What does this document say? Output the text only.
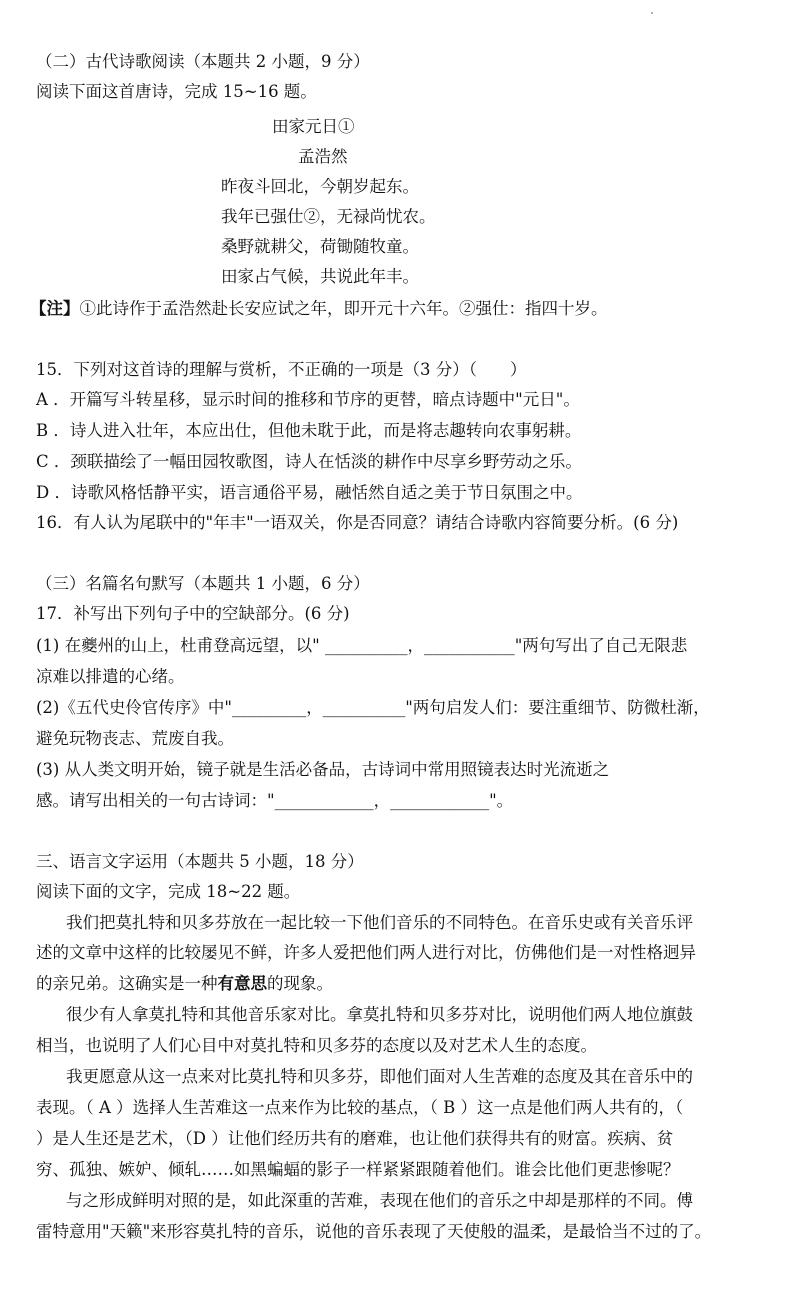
（二）古代诗歌阅读（本题共 2 小题，9 分）
阅读下面这首唐诗，完成 15~16 题。
田家元日①
孟浩然
昨夜斗回北，今朝岁起东。
我年已强仕②，无禄尚忧农。
桑野就耕父，荷锄随牧童。
田家占气候，共说此年丰。
【注】①此诗作于孟浩然赴长安应试之年，即开元十六年。②强仕：指四十岁。
15．下列对这首诗的理解与赏析，不正确的一项是（3 分）（　　）
A ．开篇写斗转星移，显示时间的推移和节序的更替，暗点诗题中"元日"。
B ．诗人进入壮年，本应出仕，但他未耽于此，而是将志趣转向农事躬耕。
C ．颈联描绘了一幅田园牧歌图，诗人在恬淡的耕作中尽享乡野劳动之乐。
D ．诗歌风格恬静平实，语言通俗平易，融恬然自适之美于节日氛围之中。
16．有人认为尾联中的"年丰"一语双关，你是否同意？请结合诗歌内容简要分析。(6 分)
（三）名篇名句默写（本题共 1 小题，6 分）
17．补写出下列句子中的空缺部分。(6 分)
(1) 在夔州的山上，杜甫登高远望，以" __________，___________"两句写出了自己无限悲
凉难以排遣的心绪。
(2)《五代史伶官传序》中"_________，__________"两句启发人们：要注重细节、防微杜渐，
避免玩物丧志、荒废自我。
(3) 从人类文明开始，镜子就是生活必备品，古诗词中常用照镜表达时光流逝之
感。请写出相关的一句古诗词："____________，____________"。
三、语言文字运用（本题共 5 小题，18 分）
阅读下面的文字，完成 18~22 题。
我们把莫扎特和贝多芬放在一起比较一下他们音乐的不同特色。在音乐史或有关音乐评
述的文章中这样的比较屡见不鲜，许多人爱把他们两人进行对比，仿佛他们是一对性格迥异
的亲兄弟。这确实是一种有意思的现象。
很少有人拿莫扎特和其他音乐家对比。拿莫扎特和贝多芬对比，说明他们两人地位旗鼓
相当，也说明了人们心目中对莫扎特和贝多芬的态度以及对艺术人生的态度。
我更愿意从这一点来对比莫扎特和贝多芬，即他们面对人生苦难的态度及其在音乐中的
表现。（ A ）选择人生苦难这一点来作为比较的基点，（ B ）这一点是他们两人共有的，（
）是人生还是艺术，（D ）让他们经历共有的磨难，也让他们获得共有的财富。疾病、贫
穷、孤独、嫉妒、倾轧……如黑蝙蝠的影子一样紧紧跟随着他们。谁会比他们更悲惨呢？
与之形成鲜明对照的是，如此深重的苦难，表现在他们的音乐之中却是那样的不同。傅
雷特意用"天籁"来形容莫扎特的音乐，说他的音乐表现了天使般的温柔，是最恰当不过的了。
